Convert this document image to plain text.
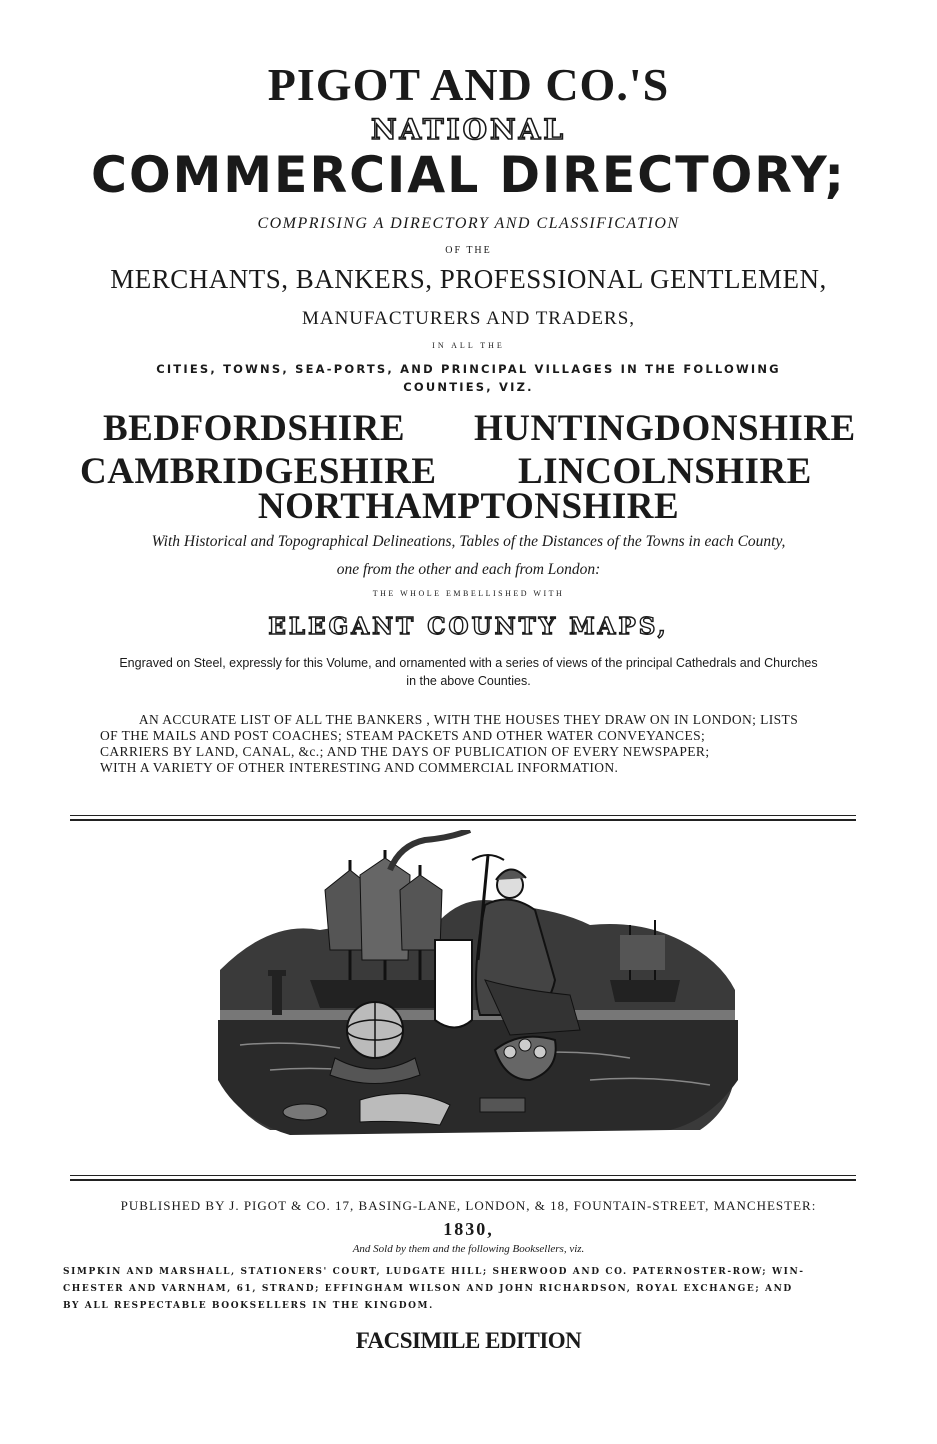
PIGOT AND CO.'S
NATIONAL
COMMERCIAL DIRECTORY;
COMPRISING A DIRECTORY AND CLASSIFICATION
OF THE
MERCHANTS, BANKERS, PROFESSIONAL GENTLEMEN,
MANUFACTURERS AND TRADERS,
IN ALL THE
CITIES, TOWNS, SEA-PORTS, AND PRINCIPAL VILLAGES IN THE FOLLOWING
COUNTIES, VIZ.
BEDFORDSHIRE HUNTINGDONSHIRE
CAMBRIDGESHIRE LINCOLNSHIRE
NORTHAMPTONSHIRE
With Historical and Topographical Delineations, Tables of the Distances of the Towns in each County,
one from the other and each from London:
THE WHOLE EMBELLISHED WITH
ELEGANT COUNTY MAPS,
Engraved on Steel, expressly for this Volume, and ornamented with a series of views of the principal Cathedrals and Churches
in the above Counties.
AN ACCURATE LIST OF ALL THE BANKERS , WITH THE HOUSES THEY DRAW ON IN LONDON; LISTS
OF THE MAILS AND POST COACHES; STEAM PACKETS AND OTHER WATER CONVEYANCES;
CARRIERS BY LAND, CANAL, &c.; AND THE DAYS OF PUBLICATION OF EVERY NEWSPAPER;
WITH A VARIETY OF OTHER INTERESTING AND COMMERCIAL INFORMATION.
PUBLISHED BY J. PIGOT & CO. 17, BASING-LANE, LONDON, & 18, FOUNTAIN-STREET, MANCHESTER:
1830,
And Sold by them and the following Booksellers, viz.
SIMPKIN AND MARSHALL, STATIONERS' COURT, LUDGATE HILL; SHERWOOD AND CO. PATERNOSTER-ROW; WIN-
CHESTER AND VARNHAM, 61, STRAND; EFFINGHAM WILSON AND JOHN RICHARDSON, ROYAL EXCHANGE; AND
BY ALL RESPECTABLE BOOKSELLERS IN THE KINGDOM.
FACSIMILE EDITION
